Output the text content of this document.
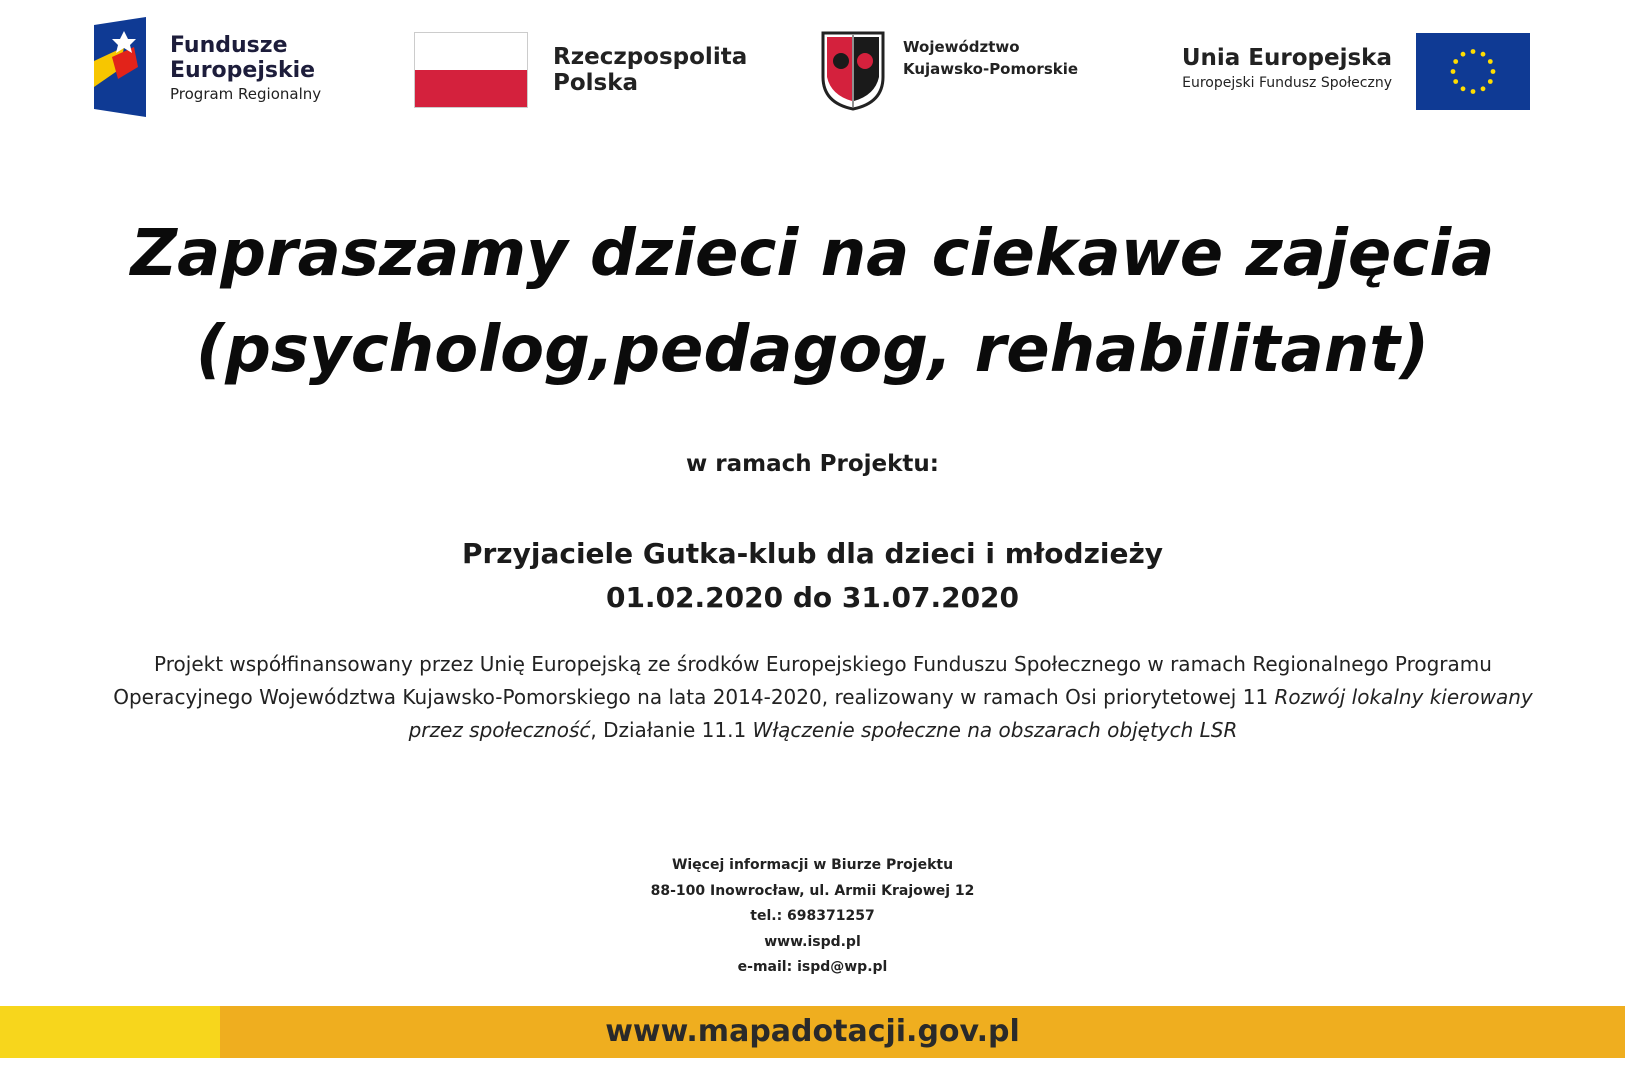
Fundusze
Europejskie
Program Regionalny
Rzeczpospolita
Polska
Województwo
Kujawsko-Pomorskie	Unia Europejska
Europejski Fundusz Społeczny
Zapraszamy dzieci na ciekawe zajęcia
(psycholog,pedagog, rehabilitant)
w ramach Projektu:
Przyjaciele Gutka-klub dla dzieci i młodzieży
01.02.2020 do 31.07.2020
Projekt współfinansowany przez Unię Europejską ze środków Europejskiego Funduszu Społecznego w ramach Regionalnego Programu Operacyjnego Województwa Kujawsko-Pomorskiego na lata 2014-2020, realizowany w ramach Osi priorytetowej 11 Rozwój lokalny kierowany przez społeczność, Działanie 11.1 Włączenie społeczne na obszarach objętych LSR
Więcej informacji w Biurze Projektu
88-100 Inowrocław, ul. Armii Krajowej 12
tel.: 698371257
www.ispd.pl
e-mail: ispd@wp.pl
www.mapadotacji.gov.pl
